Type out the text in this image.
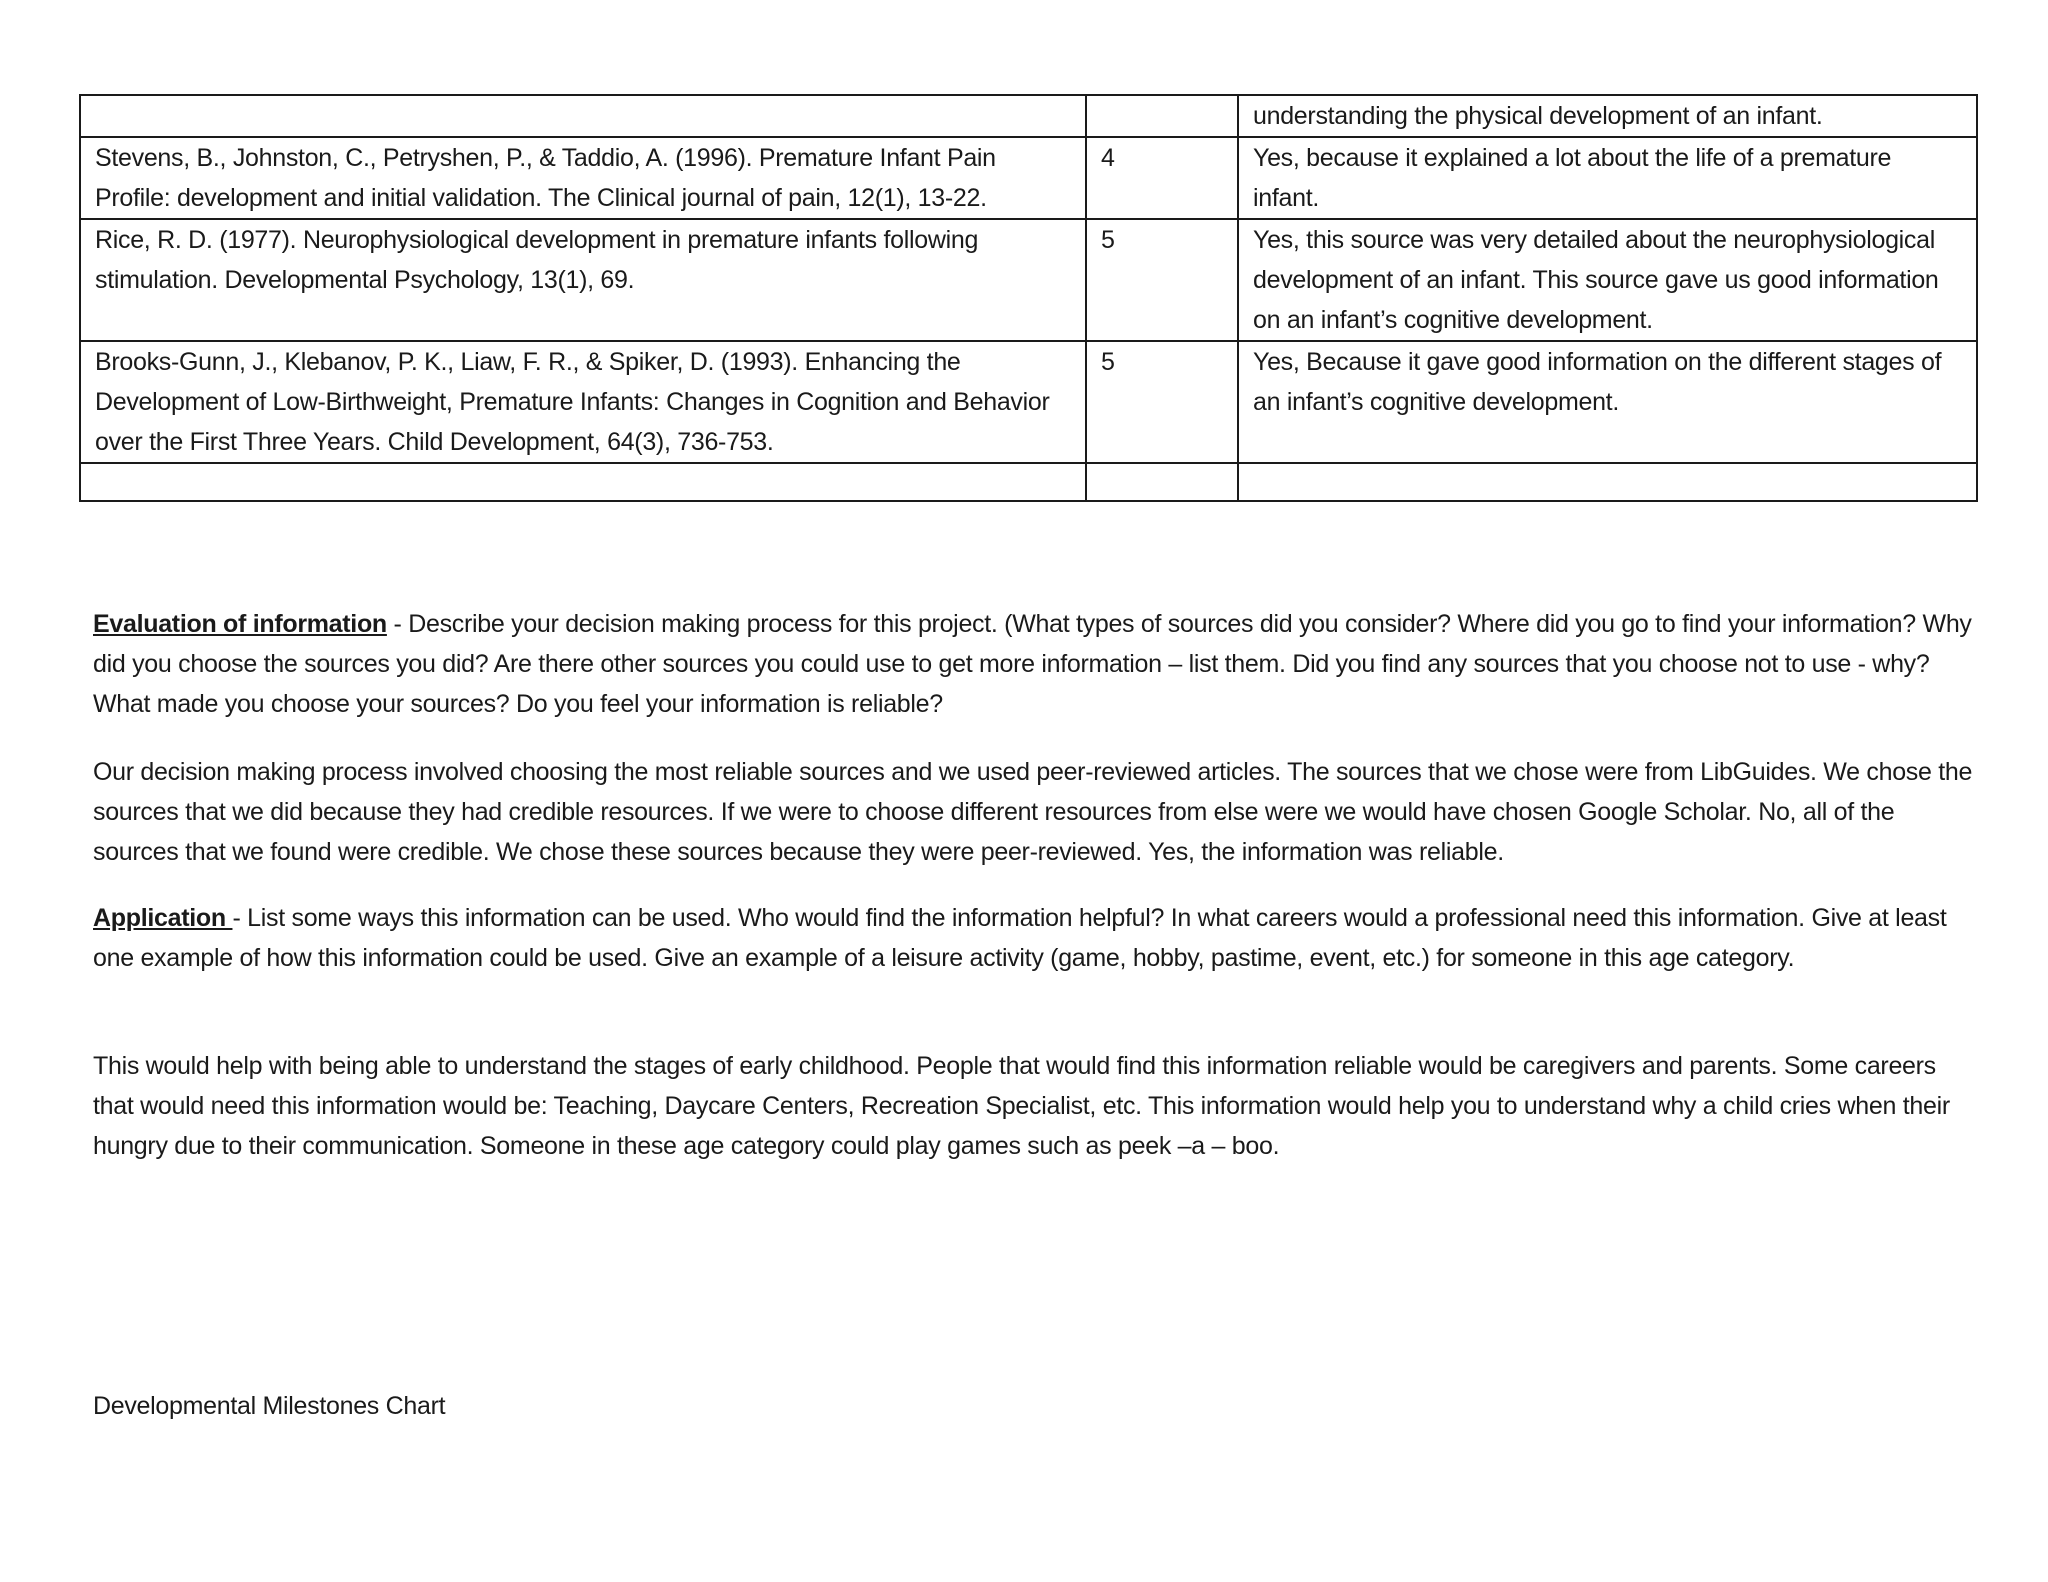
		understanding the physical development of an infant.
Stevens, B., Johnston, C., Petryshen, P., & Taddio, A. (1996). Premature Infant Pain Profile: development and initial validation. The Clinical journal of pain, 12(1), 13-22.	4	Yes, because it explained a lot about the life of a premature infant.
Rice, R. D. (1977). Neurophysiological development in premature infants following stimulation. Developmental Psychology, 13(1), 69.	5	Yes, this source was very detailed about the neurophysiological development of an infant. This source gave us good information on an infant’s cognitive development.
Brooks-Gunn, J., Klebanov, P. K., Liaw, F. R., & Spiker, D. (1993). Enhancing the Development of Low-Birthweight, Premature Infants: Changes in Cognition and Behavior over the First Three Years. Child Development, 64(3), 736-753.	5	Yes, Because it gave good information on the different stages of an infant’s cognitive development.

Evaluation of information - Describe your decision making process for this project. (What types of sources did you consider? Where did you go to find your information? Why did you choose the sources you did? Are there other sources you could use to get more information – list them. Did you find any sources that you choose not to use - why? What made you choose your sources? Do you feel your information is reliable?

Our decision making process involved choosing the most reliable sources and we used peer-reviewed articles. The sources that we chose were from LibGuides. We chose the sources that we did because they had credible resources. If we were to choose different resources from else were we would have chosen Google Scholar. No, all of the sources that we found were credible. We chose these sources because they were peer-reviewed. Yes, the information was reliable.

Application - List some ways this information can be used. Who would find the information helpful? In what careers would a professional need this information. Give at least one example of how this information could be used. Give an example of a leisure activity (game, hobby, pastime, event, etc.) for someone in this age category.

This would help with being able to understand the stages of early childhood. People that would find this information reliable would be caregivers and parents. Some careers that would need this information would be: Teaching, Daycare Centers, Recreation Specialist, etc. This information would help you to understand why a child cries when their hungry due to their communication. Someone in these age category could play games such as peek –a – boo.

Developmental Milestones Chart
